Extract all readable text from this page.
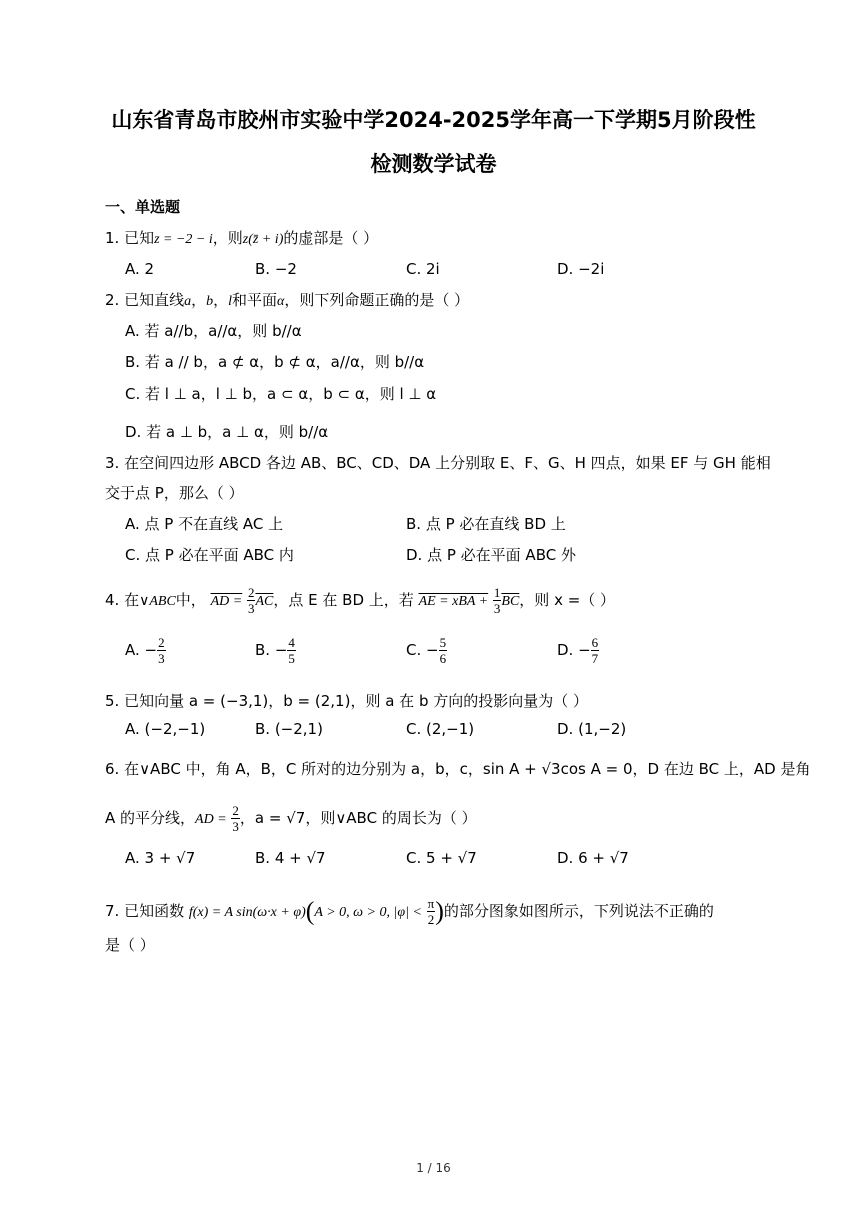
山东省青岛市胶州市实验中学2024-2025学年高一下学期5月阶段性
检测数学试卷
一、单选题
1. 已知z = −2 − i，则z(z̄ + i)的虚部是（ ）
A. 2	B. −2	C. 2i	D. −2i
2. 已知直线a，b，l和平面α，则下列命题正确的是（ ）
A. 若 a//b，a//α，则 b//α
B. 若 a // b，a ⊄ α，b ⊄ α，a//α，则 b//α
C. 若 l ⊥ a，l ⊥ b，a ⊂ α，b ⊂ α，则 l ⊥ α
D. 若 a ⊥ b，a ⊥ α，则 b//α
3. 在空间四边形 ABCD 各边 AB、BC、CD、DA 上分别取 E、F、G、H 四点，如果 EF 与 GH 能相
交于点 P，那么（ ）
A. 点 P 不在直线 AC 上	B. 点 P 必在直线 BD 上
C. 点 P 必在平面 ABC 内	D. 点 P 必在平面 ABC 外
4. 在∨ABC中， AD = $\frac{2}{3} \overline{AC}$，点 E 在 BD 上，若 AE = xBA + $\frac{1}{3} \overline{BC}$，则 x =（ ）
A. − $\frac{2}{3}$	B. − $\frac{4}{5}$	C. − $\frac{5}{6}$	D. − $\frac{6}{7}$
5. 已知向量 a = (−3,1)，b = (2,1)，则 a 在 b 方向的投影向量为（ ）
A. (−2,−1)	B. (−2,1)	C. (2,−1)	D. (1,−2)
6. 在∨ABC 中，角 A，B，C 所对的边分别为 a，b，c，sin A + √3cos A = 0，D 在边 BC 上，AD 是角
A 的平分线，AD = $\frac{2}{3}$ ，a = √7，则∨ABC 的周长为（ ）
A. 3 + √7	B. 4 + √7	C. 5 + √7	D. 6 + √7
7. 已知函数 f(x) = A sin(ω·x + φ)(A > 0, ω > 0, $|\varphi| < \frac{\pi}{2}$ )的部分图象如图所示，下列说法不正确的
是（ ）
1 / 16
